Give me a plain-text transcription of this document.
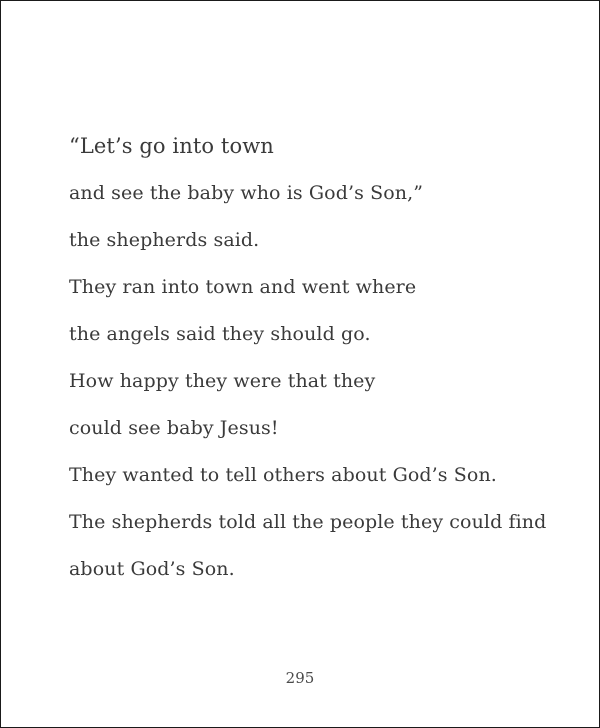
“Let’s go into town
and see the baby who is God’s Son,”
the shepherds said.
They ran into town and went where
the angels said they should go.
How happy they were that they
could see baby Jesus!
They wanted to tell others about God’s Son.
The shepherds told all the people they could find
about God’s Son.
295
